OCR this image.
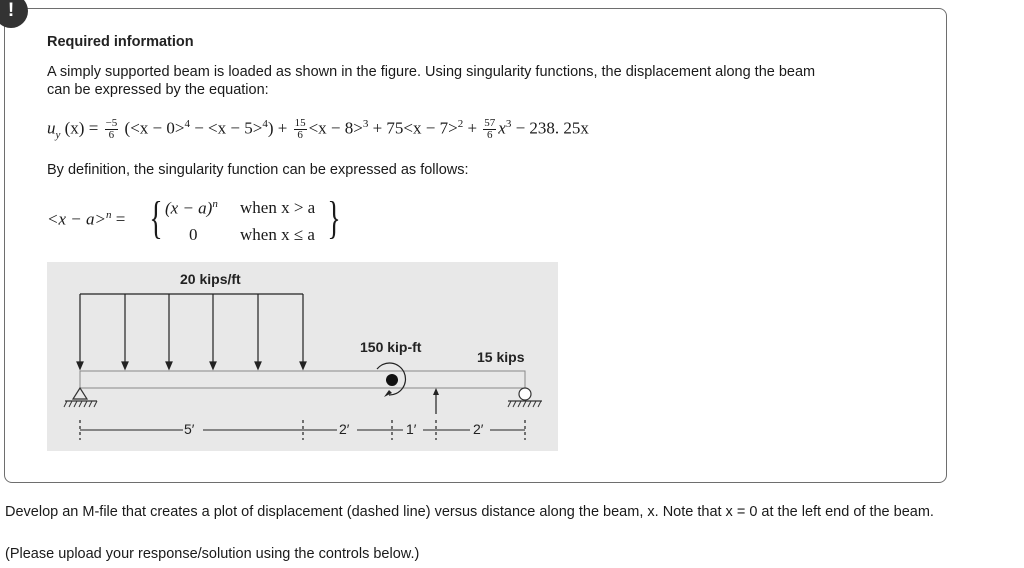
!
Required information
A simply supported beam is loaded as shown in the figure. Using singularity functions, the displacement along the beam
can be expressed by the equation:
$u_y$ $(x) = \frac{-5}{6} (<x - 0>^4 - <x - 5>^4) + \frac{15}{6} <x - 8>^3 + 75<x - 7>^2 + \frac{57}{6} x^3 - 238$. 25x
By definition, the singularity function can be expressed as follows:
<x − a>$^n$ = { $(x - a)^n$ when x > a
0	when x ≤ a }
20 kips/ft
150 kip-ft
15 kips
5′	2′	1′	2′
Develop an M-file that creates a plot of displacement (dashed line) versus distance along the beam, x. Note that x = 0 at the left end of the beam.
(Please upload your response/solution using the controls below.)
